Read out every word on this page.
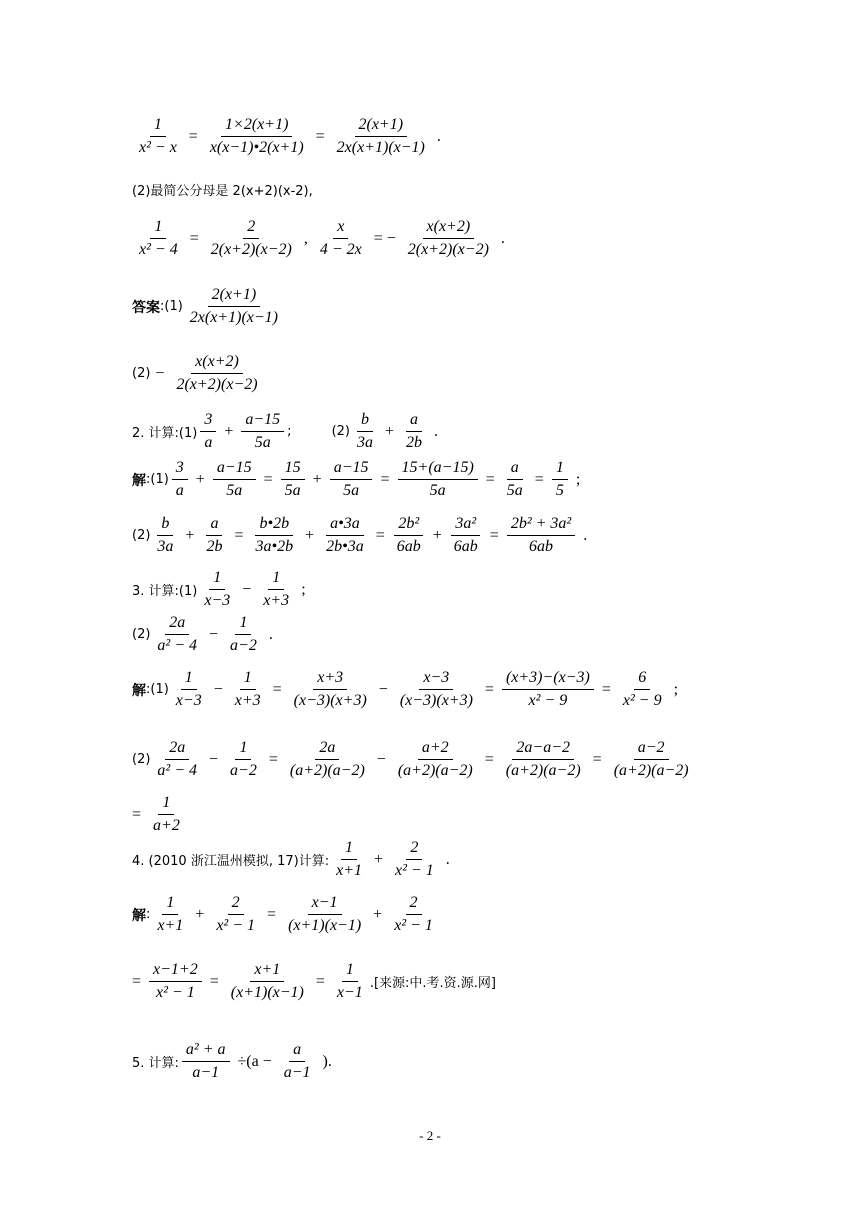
$\frac{1}{\text{x² − x}} = \frac{1\times 2(x+1)}{x(x-1)•2(x+1)} = \frac{2(x+1)}{2x(x+1)(x-1)}$ .
(2)最简公分母是 2(x+2)(x-2),
$\frac{1}{\text{x² − 4}} = \frac{2}{2(x+2)(x-2)}$ , $\frac{x}{4 - 2x}$ = − $\frac{x(x+2)}{2(x+2)(x-2)}$ .
答案 :(1) $\frac{2(x+1)}{2x(x+1)(x-1)}$
$(2) - \frac{x(x+2)}{2(x+2)(x-2)}$
2. 计算:(1) $\frac{3}{a} + \frac{a-15}{5a}$ ;	$(2) \frac{b}{3a} + \frac{a}{2b}$ .
解 :(1) $\frac{3}{a} + \frac{a-15}{5a} = \frac{15}{5a} + \frac{a-15}{5a} = \frac{15+(a-15)}{5a} = \frac{a}{5a} = \frac{1}{5}$ ;
$(2) \frac{b}{3a} + \frac{a}{2b} = \frac{b•2b}{3a•2b} + \frac{a•3a}{2b•3a} = \frac{\text{2b²}}{6ab} + \frac{\text{3a²}}{6ab} = \frac{\text{2b² + 3a²}}{6ab}$ .
3. 计算:(1) $\frac{1}{x-3} - \frac{1}{x+3}$ ;
$(2) \frac{2a}{\text{a² − 4}} - \frac{1}{a-2}$ .
解 :(1) $\frac{1}{x-3} - \frac{1}{x+3} = \frac{x+3}{(x-3)(x+3)} - \frac{x-3}{(x-3)(x+3)} = \frac{(x+3)-(x-3)}{\text{x² − 9}} = \frac{6}{\text{x² − 9}}$ ;
$(2) \frac{2a}{\text{a² − 4}} - \frac{1}{a-2} = \frac{2a}{(a+2)(a-2)} - \frac{a+2}{(a+2)(a-2)} = \frac{2a-a-2}{(a+2)(a-2)} = \frac{a-2}{(a+2)(a-2)}$
= $\frac{1}{a+2}$
4. (2010 浙江温州模拟, 17)计算: $\frac{1}{x+1} + \frac{2}{\text{x² − 1}}$ .
解 : $\frac{1}{x+1} + \frac{2}{\text{x² − 1}} = \frac{x-1}{(x+1)(x-1)} + \frac{2}{\text{x² − 1}}$
= $\frac{x-1+2}{\text{x² − 1}} = \frac{x+1}{(x+1)(x-1)} = \frac{1}{x-1}$ .[来源:中.考.资.源.网]
5. 计算: $\frac{\text{a² + a}}{a-1} \div(a - \frac{a}{a-1}$ ).
- 2 -
